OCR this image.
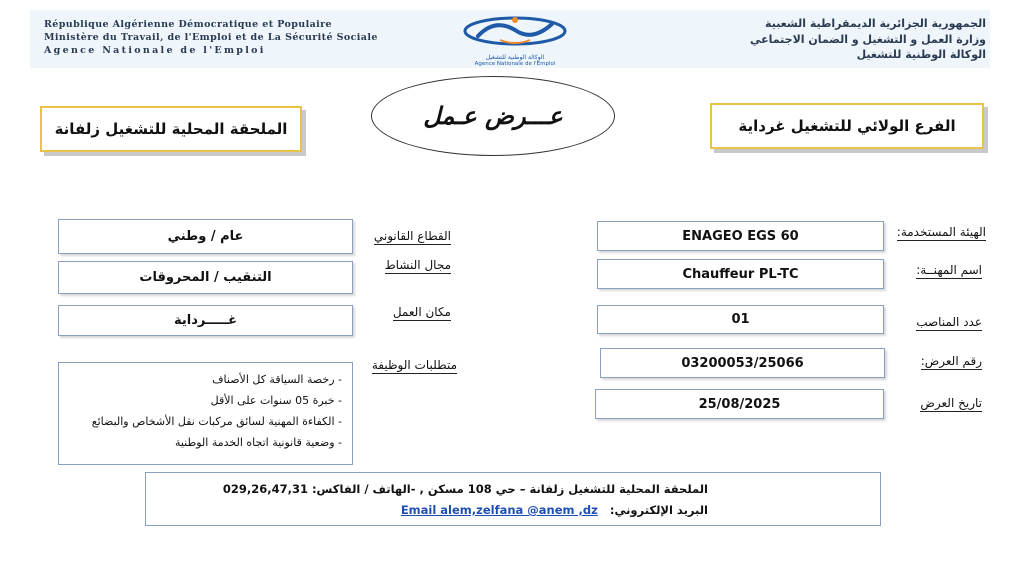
République Algérienne Démocratique et Populaire
Ministère du Travail, de l'Emploi et de La Sécurité Sociale
Agence Nationale de l'Emploi
الجمهورية الجزائرية الديمقراطية الشعبية
وزارة العمل و التشغيل و الضمان الاجتماعي
الوكالة الوطنية للتشغيل
الوكالة الوطنية للتشغيل
Agence Nationale de l'Emploi
الملحقة المحلية للتشغيل زلفانة	عـــرض عـمل	الفرع الولائي للتشغيل غرداية
الهيئة المستخدمة:
ENAGEO EGS 60
اسم المهنــة:
Chauffeur PL-TC
عدد المناصب
01
رقم العرض:
03200053/25066
تاريخ العرض
25/08/2025
القطاع القانوني
عام / وطني
مجال النشاط
التنقيب / المحروقات
مكان العمل
غـــــرداية
متطلبات الوظيفة
- رخصة السياقة كل الأصناف
- خبرة 05 سنوات على الأقل
- الكفاءة المهنية لسائق مركبات نقل الأشخاص والبضائع
- وضعية قانونية اتجاه الخدمة الوطنية
الملحقة المحلية للتشغيل زلفانة – حي 108 مسكن , -الهاتف / الفاكس: 029,26,47,31
البريد الإلكتروني:   Email alem,zelfana @anem ,dz
